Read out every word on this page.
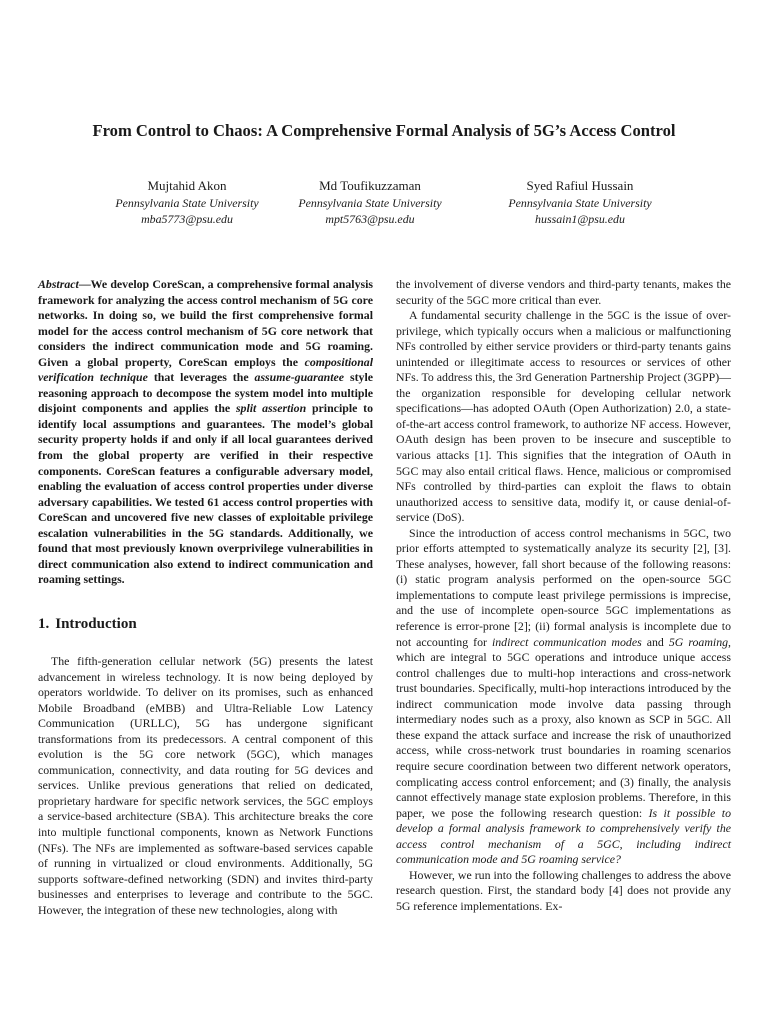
From Control to Chaos: A Comprehensive Formal Analysis of 5G’s Access Control
Mujtahid Akon
Pennsylvania State University
mba5773@psu.edu
Md Toufikuzzaman
Pennsylvania State University
mpt5763@psu.edu
Syed Rafiul Hussain
Pennsylvania State University
hussain1@psu.edu

Abstract—We develop CoreScan, a comprehensive formal analysis framework for analyzing the access control mechanism of 5G core networks. In doing so, we build the first comprehensive formal model for the access control mechanism of 5G core network that considers the indirect communication mode and 5G roaming. Given a global property, CoreScan employs the compositional verification technique that leverages the assume-guarantee style reasoning approach to decompose the system model into multiple disjoint components and applies the split assertion principle to identify local assumptions and guarantees. The model’s global security property holds if and only if all local guarantees derived from the global property are verified in their respective components. CoreScan features a configurable adversary model, enabling the evaluation of access control properties under diverse adversary capabilities. We tested 61 access control properties with CoreScan and uncovered five new classes of exploitable privilege escalation vulnerabilities in the 5G standards. Additionally, we found that most previously known overprivilege vulnerabilities in direct communication also extend to indirect communication and roaming settings.

1. Introduction

The fifth-generation cellular network (5G) presents the latest advancement in wireless technology. It is now being deployed by operators worldwide. To deliver on its promises, such as enhanced Mobile Broadband (eMBB) and Ultra-Reliable Low Latency Communication (URLLC), 5G has undergone significant transformations from its predecessors. A central component of this evolution is the 5G core network (5GC), which manages communication, connectivity, and data routing for 5G devices and services. Unlike previous generations that relied on dedicated, proprietary hardware for specific network services, the 5GC employs a service-based architecture (SBA). This architecture breaks the core into multiple functional components, known as Network Functions (NFs). The NFs are implemented as software-based services capable of running in virtualized or cloud environments. Additionally, 5G supports software-defined networking (SDN) and invites third-party businesses and enterprises to leverage and contribute to the 5GC. However, the integration of these new technologies, along with

the involvement of diverse vendors and third-party tenants, makes the security of the 5GC more critical than ever.

A fundamental security challenge in the 5GC is the issue of over-privilege, which typically occurs when a malicious or malfunctioning NFs controlled by either service providers or third-party tenants gains unintended or illegitimate access to resources or services of other NFs. To address this, the 3rd Generation Partnership Project (3GPP)— the organization responsible for developing cellular network specifications—has adopted OAuth (Open Authorization) 2.0, a state-of-the-art access control framework, to authorize NF access. However, OAuth design has been proven to be insecure and susceptible to various attacks [1]. This signifies that the integration of OAuth in 5GC may also entail critical flaws. Hence, malicious or compromised NFs controlled by third-parties can exploit the flaws to obtain unauthorized access to sensitive data, modify it, or cause denial-of-service (DoS).

Since the introduction of access control mechanisms in 5GC, two prior efforts attempted to systematically analyze its security [2], [3]. These analyses, however, fall short because of the following reasons: (i) static program analysis performed on the open-source 5GC implementations to compute least privilege permissions is imprecise, and the use of incomplete open-source 5GC implementations as reference is error-prone [2]; (ii) formal analysis is incomplete due to not accounting for indirect communication modes and 5G roaming, which are integral to 5GC operations and introduce unique access control challenges due to multi-hop interactions and cross-network trust boundaries. Specifically, multi-hop interactions introduced by the indirect communication mode involve data passing through intermediary nodes such as a proxy, also known as SCP in 5GC. All these expand the attack surface and increase the risk of unauthorized access, while cross-network trust boundaries in roaming scenarios require secure coordination between two different network operators, complicating access control enforcement; and (3) finally, the analysis cannot effectively manage state explosion problems. Therefore, in this paper, we pose the following research question: Is it possible to develop a formal analysis framework to comprehensively verify the access control mechanism of a 5GC, including indirect communication mode and 5G roaming service?

However, we run into the following challenges to address the above research question. First, the standard body [4] does not provide any 5G reference implementations. Ex-
